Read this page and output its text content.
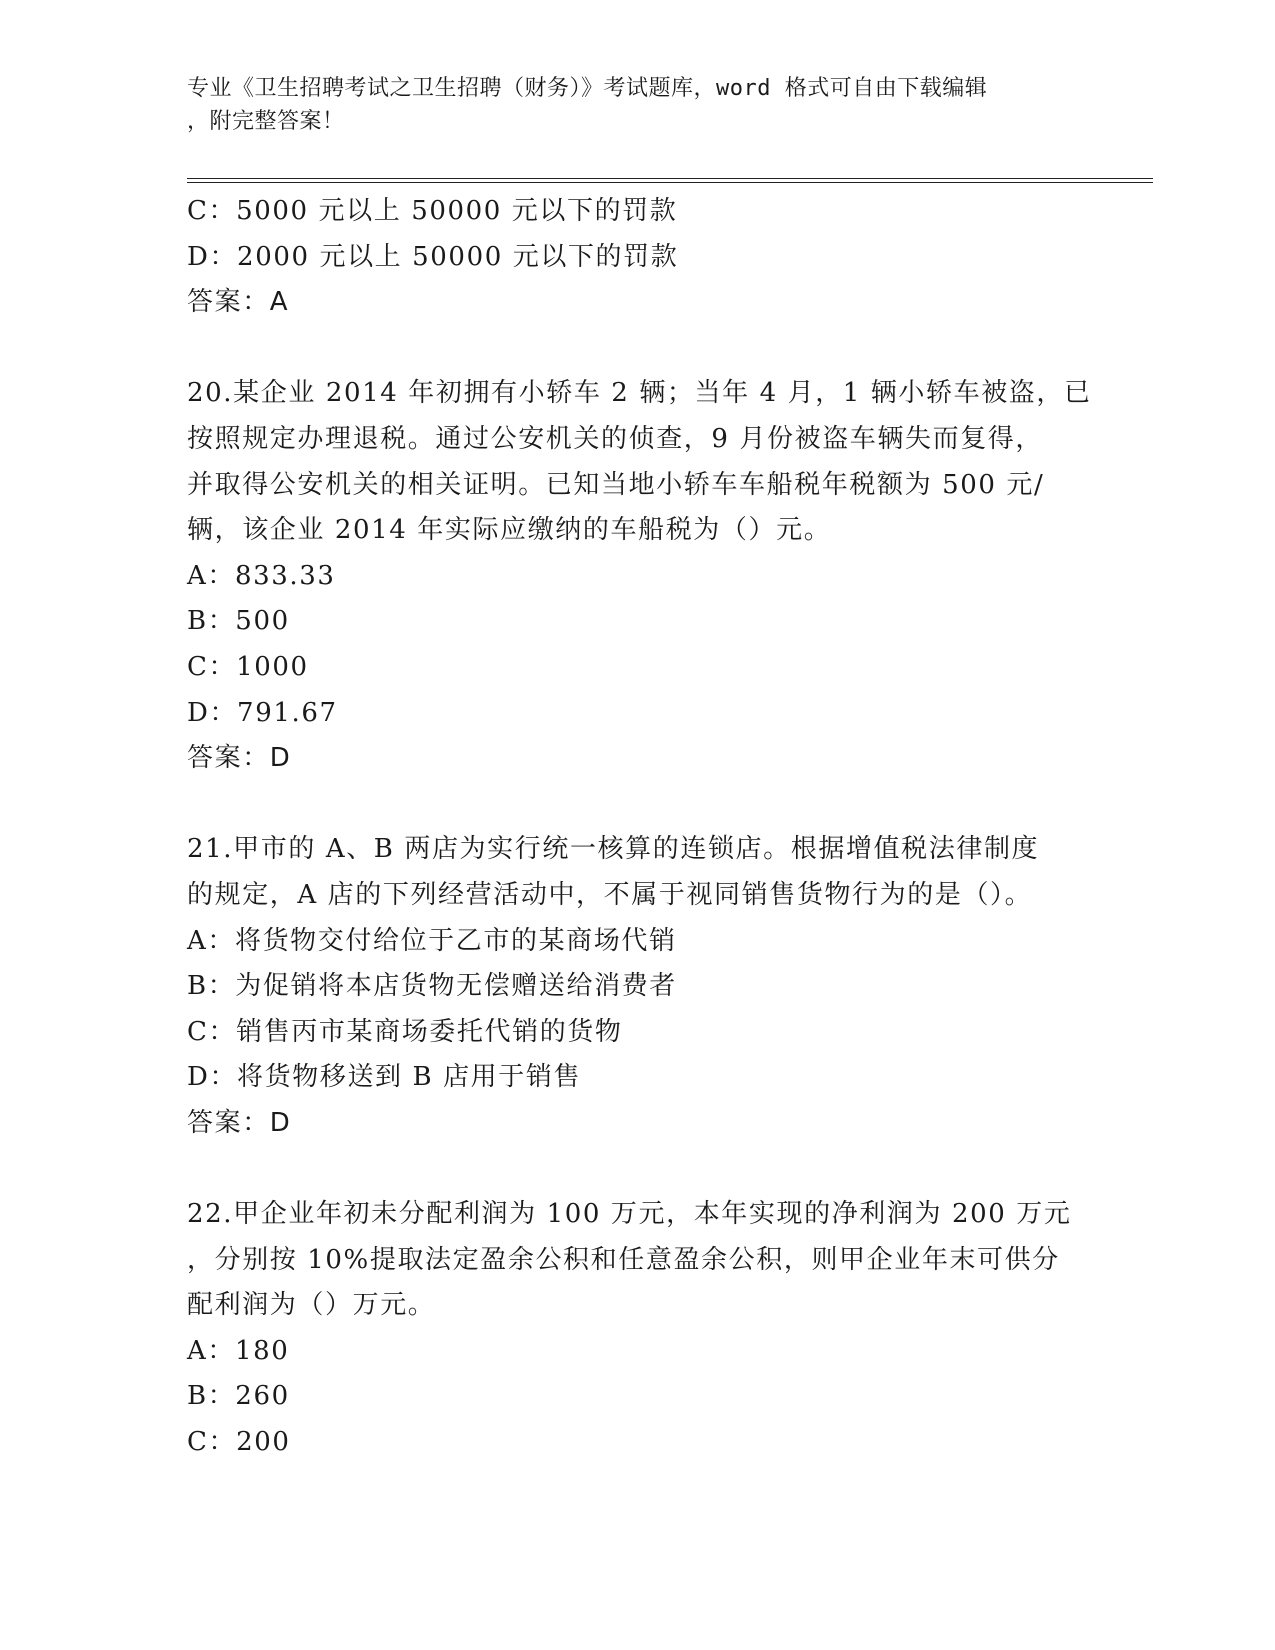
专业《卫生招聘考试之卫生招聘（财务）》考试题库，word 格式可自由下载编辑
，附完整答案！
C：5000 元以上 50000 元以下的罚款
D：2000 元以上 50000 元以下的罚款
答案：A
20.某企业 2014 年初拥有小轿车 2 辆；当年 4 月，1 辆小轿车被盗，已
按照规定办理退税。通过公安机关的侦查，9 月份被盗车辆失而复得，
并取得公安机关的相关证明。已知当地小轿车车船税年税额为 500 元/
辆，该企业 2014 年实际应缴纳的车船税为（）元。
A：833.33
B：500
C：1000
D：791.67
答案：D
21.甲市的 A、B 两店为实行统一核算的连锁店。根据增值税法律制度
的规定，A 店的下列经营活动中，不属于视同销售货物行为的是（）。
A：将货物交付给位于乙市的某商场代销
B：为促销将本店货物无偿赠送给消费者
C：销售丙市某商场委托代销的货物
D：将货物移送到 B 店用于销售
答案：D
22.甲企业年初未分配利润为 100 万元，本年实现的净利润为 200 万元
，分别按 10%提取法定盈余公积和任意盈余公积，则甲企业年末可供分
配利润为（）万元。
A：180
B：260
C：200
